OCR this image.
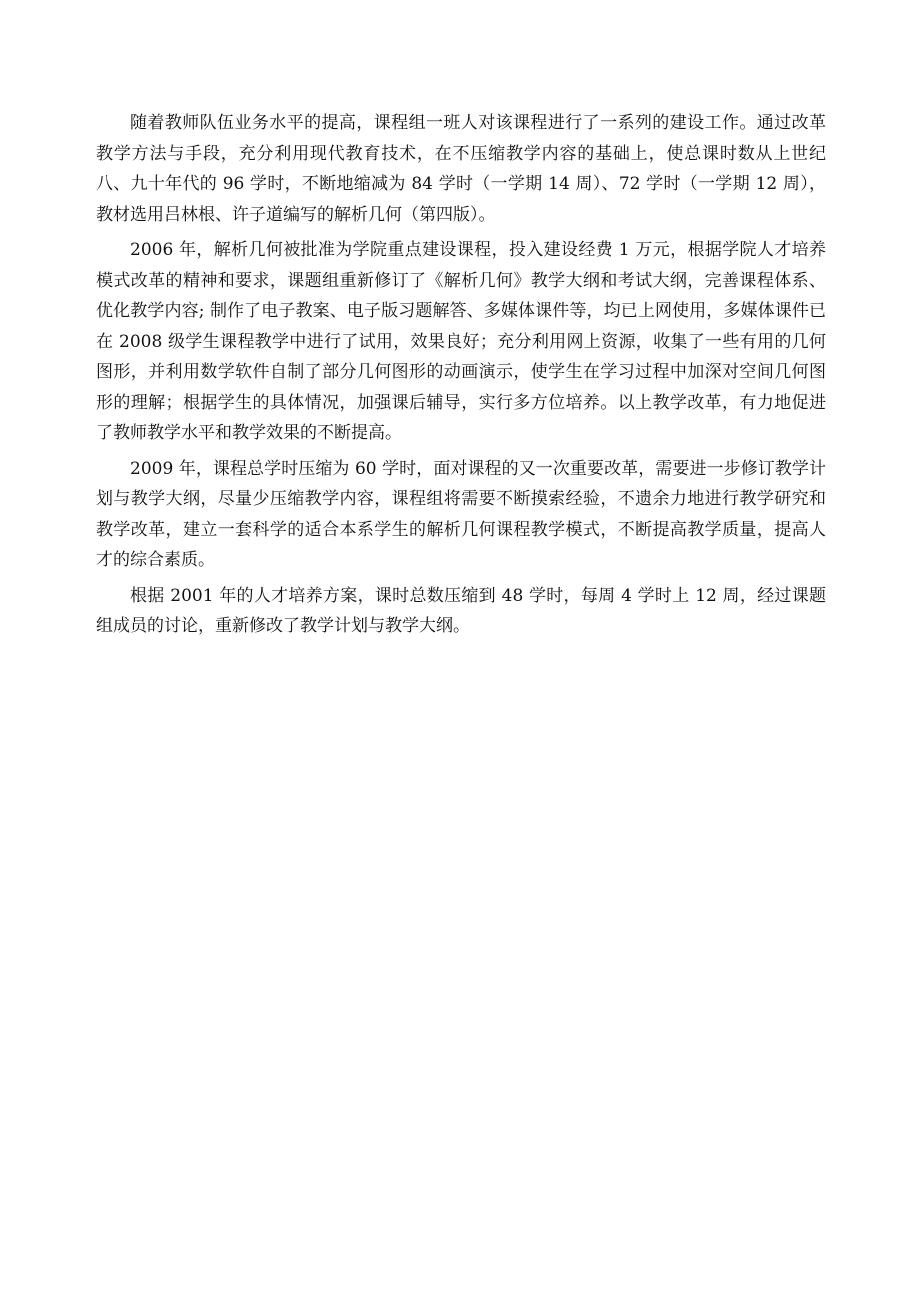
随着教师队伍业务水平的提高，课程组一班人对该课程进行了一系列的建设工作。通过改革教学方法与手段，充分利用现代教育技术，在不压缩教学内容的基础上，使总课时数从上世纪八、九十年代的 96 学时，不断地缩减为 84 学时（一学期 14 周）、72 学时（一学期 12 周），教材选用吕林根、许子道编写的解析几何（第四版）。

2006 年，解析几何被批准为学院重点建设课程，投入建设经费 1 万元，根据学院人才培养模式改革的精神和要求，课题组重新修订了《解析几何》教学大纲和考试大纲，完善课程体系、优化教学内容; 制作了电子教案、电子版习题解答、多媒体课件等，均已上网使用，多媒体课件已在 2008 级学生课程教学中进行了试用，效果良好；充分利用网上资源，收集了一些有用的几何图形，并利用数学软件自制了部分几何图形的动画演示，使学生在学习过程中加深对空间几何图形的理解；根据学生的具体情况，加强课后辅导，实行多方位培养。以上教学改革，有力地促进了教师教学水平和教学效果的不断提高。

2009 年，课程总学时压缩为 60 学时，面对课程的又一次重要改革，需要进一步修订教学计划与教学大纲，尽量少压缩教学内容，课程组将需要不断摸索经验，不遗余力地进行教学研究和教学改革，建立一套科学的适合本系学生的解析几何课程教学模式，不断提高教学质量，提高人才的综合素质。

根据 2001 年的人才培养方案，课时总数压缩到 48 学时，每周 4 学时上 12 周，经过课题组成员的讨论，重新修改了教学计划与教学大纲。
